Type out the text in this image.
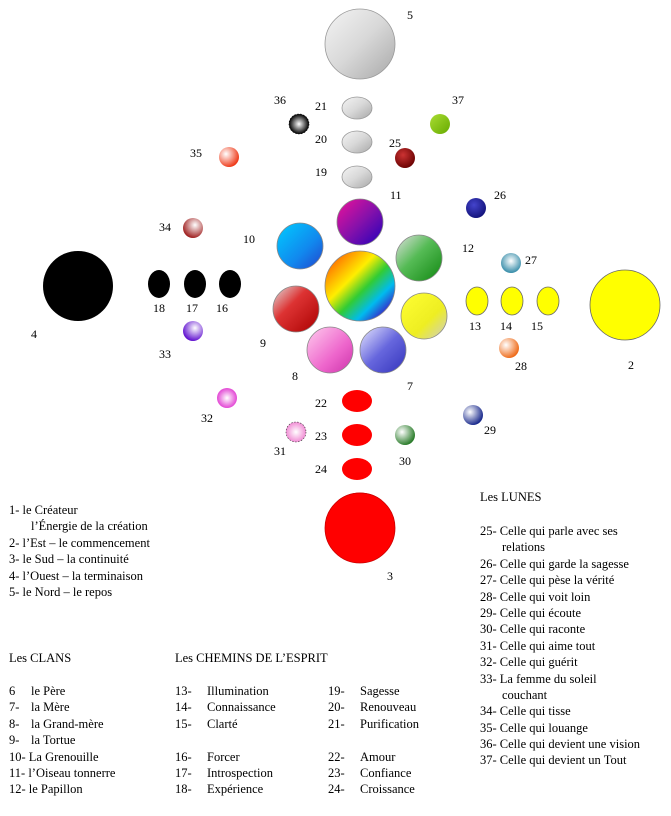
2
4
5
7
8
9
10
11
12
13 14 15
16
17
18
19
20
21
22
23
24
25
26
27
28
29
30
31
32
33
34
35
36	37
3
1- le Créateur
l’Énergie de la création
2- l’Est – le commencement
3- le Sud – la continuité
4- l’Ouest – la terminaison
5- le Nord – le repos
Les CLANS
6 le Père
7- la Mère
8- la Grand-mère
9- la Tortue
10- La Grenouille
11- l’Oiseau tonnerre
12- le Papillon
Les CHEMINS DE L’ESPRIT
13- Illumination
14- Connaissance
15- Clarté
16- Forcer
17- Introspection
18- Expérience
19- Sagesse
20- Renouveau
21- Purification
22- Amour
23- Confiance
24- Croissance
Les LUNES
25- Celle qui parle avec ses
relations
26- Celle qui garde la sagesse
27- Celle qui pèse la vérité
28- Celle qui voit loin
29- Celle qui écoute
30- Celle qui raconte
31- Celle qui aime tout
32- Celle qui guérit
33- La femme du soleil
couchant
34- Celle qui tisse
35- Celle qui louange
36- Celle qui devient une vision
37- Celle qui devient un Tout
